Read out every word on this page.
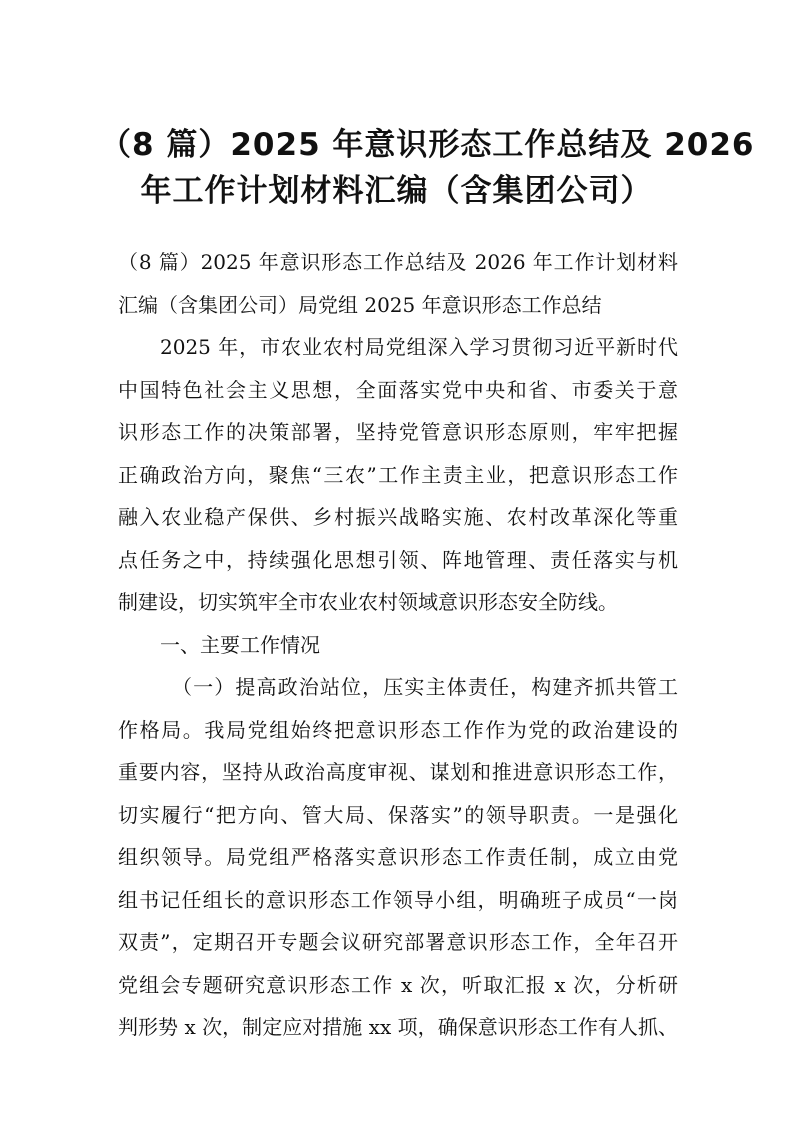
（8 篇）2025 年意识形态工作总结及 2026
年工作计划材料汇编（含集团公司）
（8 篇）2025 年意识形态工作总结及 2026 年工作计划材料
汇编（含集团公司）局党组 2025 年意识形态工作总结
2025 年，市农业农村局党组深入学习贯彻习近平新时代
中国特色社会主义思想，全面落实党中央和省、市委关于意
识形态工作的决策部署，坚持党管意识形态原则，牢牢把握
正确政治方向，聚焦“三农”工作主责主业，把意识形态工作
融入农业稳产保供、乡村振兴战略实施、农村改革深化等重
点任务之中，持续强化思想引领、阵地管理、责任落实与机
制建设，切实筑牢全市农业农村领域意识形态安全防线。
一、主要工作情况
（一）提高政治站位，压实主体责任，构建齐抓共管工
作格局。我局党组始终把意识形态工作作为党的政治建设的
重要内容，坚持从政治高度审视、谋划和推进意识形态工作，
切实履行“把方向、管大局、保落实”的领导职责。一是强化
组织领导。局党组严格落实意识形态工作责任制，成立由党
组书记任组长的意识形态工作领导小组，明确班子成员“一岗
双责”，定期召开专题会议研究部署意识形态工作，全年召开
党组会专题研究意识形态工作 x 次，听取汇报 x 次，分析研
判形势 x 次，制定应对措施 xx 项，确保意识形态工作有人抓、
